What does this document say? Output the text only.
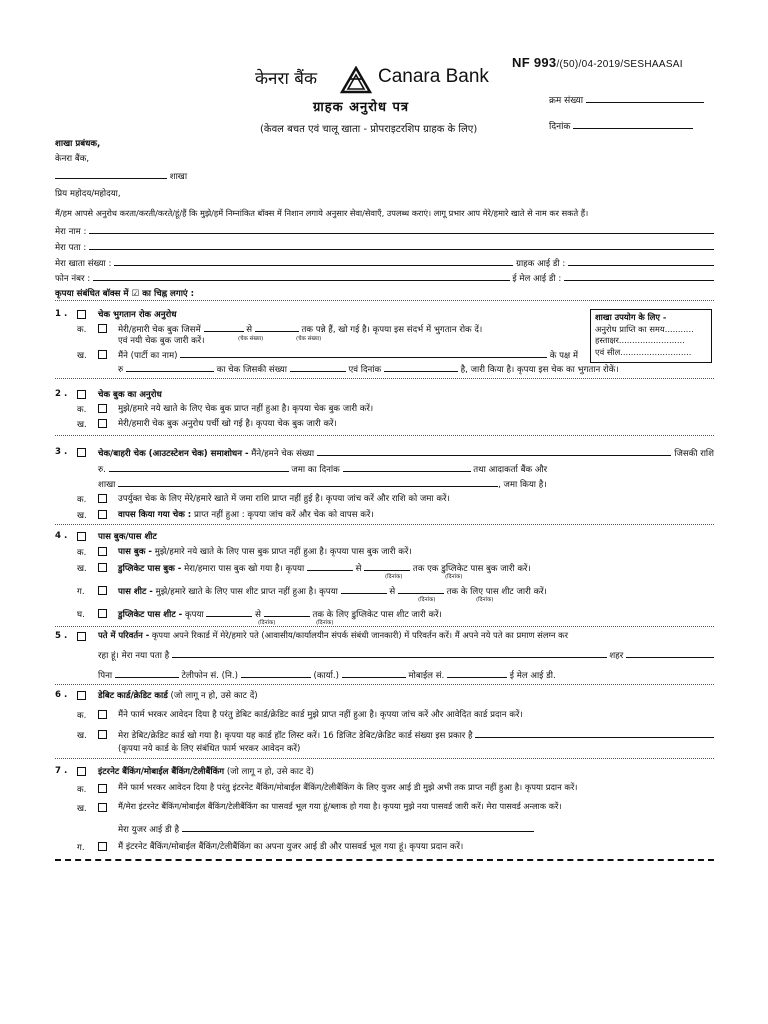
NF 993/(50)/04-2019/SESHAASAI
केनरा बैंक	Canara Bank
ग्राहक अनुरोध पत्र
(केवल बचत एवं चालू खाता - प्रोपराइटरशिप ग्राहक के लिए)
क्रम संख्या
दिनांक
शाखा प्रबंधक,
केनरा बैंक,
शाखा
प्रिय महोदय/महोदया,
मैं/हम आपसे अनुरोध करता/करती/करते/हूं/हैं कि मुझे/हमें निम्नांकित बॉक्स में निशान लगाये अनुसार सेवा/सेवाएँ, उपलब्ध कराएं। लागू प्रभार आप मेरे/हमारे खाते से नाम कर सकते हैं।
मेरा नाम :

मेरा पता :

मेरा खाता संख्या :

	ग्राहक आई डी :

फोन नंबर :

	ई मेल आई डी :

कृपया संबंधित बॉक्स में ☑ का चिह्न लगाएं :
शाखा उपयोग के लिए -
अनुरोध प्राप्ति का समय...........
हस्ताक्षर.........................
एवं सील...........................
1 .	चेक भुगतान रोक अनुरोध
क.	मेरी/हमारी चेक बुक जिसमें	से	तक पन्ने हैं, खो गई है। कृपया इस संदर्भ में भुगतान रोक दें।
(चेक संख्या)	(चेक संख्या)
एवं नयी चेक बुक जारी करें।
ख.	मैंने (पार्टी का नाम)

	के पक्ष में
रु	का चेक जिसकी संख्या	एवं दिनांक	है, जारी किया है। कृपया इस चेक का भुगतान रोकें।
2 .	चेक बुक का अनुरोध
क.	मुझे/हमारे नये खाते के लिए चेक बुक प्राप्त नहीं हुआ है। कृपया चेक बुक जारी करें।
ख.	मेरी/हमारी चेक बुक अनुरोध पर्ची खो गई है। कृपया चेक बुक जारी करें।
3 .	चेक/बाहरी चेक (आउटस्टेशन चेक) समाशोधन -
मैंने/हमने चेक संख्या

	जिसकी राशि
रु.	जमा का दिनांक	तथा आदाकर्ता बैंक और
शाखा	, जमा किया है।
क.	उपर्युक्त चेक के लिए मेरे/हमारे खाते में जमा राशि प्राप्त नहीं हुई है। कृपया जांच करें और राशि को जमा करें।
ख.	वापस किया गया चेक : प्राप्त नहीं हुआ : कृपया जांच करें और चेक को वापस करें।
4 .	पास बुक/पास शीट
क.	पास बुक - मुझे/हमारे नये खाते के लिए पास बुक प्राप्त नहीं हुआ है। कृपया पास बुक जारी करें।
ख.	डुप्लिकेट पास बुक - मेरा/हमारा पास बुक खो गया है। कृपया	से	तक एक डुप्लिकेट पास बुक जारी करें।
(दिनांक)	(दिनांक)
ग.	पास शीट - मुझे/हमारे खाते के लिए पास शीट प्राप्त नहीं हुआ है। कृपया	से	तक के लिए पास शीट जारी करें।
(दिनांक)	(दिनांक)
घ.	डुप्लिकेट पास शीट - कृपया	से	तक के लिए डुप्लिकेट पास शीट जारी करें।
(दिनांक)	(दिनांक)
5 .	पते में परिवर्तन - कृपया अपने रिकार्ड में मेरे/हमारे पते (आवासीय/कार्यालयीन संपर्क संबंधी जानकारी) में परिवर्तन करें। मैं अपने नये पते का प्रमाण संलग्न कर
रहा हूं। मेरा नया पता है

	शहर

पिना	टेलीफोन सं. (नि.)	(कार्या.)	मोबाईल सं.	ई मेल आई डी.
6 .	डेबिट कार्ड/क्रेडिट कार्ड (जो लागू न हो, उसे काट दें)
क.	मैंने फार्म भरकर आवेदन दिया है परंतु डेबिट कार्ड/क्रेडिट कार्ड मुझे प्राप्त नहीं हुआ है। कृपया जांच करें और आवेदित कार्ड प्रदान करें।
ख.	मेरा डेबिट/क्रेडिट कार्ड खो गया है। कृपया यह कार्ड हॉट लिस्ट करें। 16 डिजिट डेबिट/क्रेडिट कार्ड संख्या इस प्रकार है

(कृपया नये कार्ड के लिए संबंधित फार्म भरकर आवेदन करें)
7 .	इंटरनेट बैंकिंग/मोबाईल बैंकिंग/टेलीबैंकिंग (जो लागू न हो, उसे काट दें)
क.	मैंने फार्म भरकर आवेदन दिया है परंतु इंटरनेट बैंकिंग/मोबाईल बैंकिंग/टेलीबैंकिंग के लिए युजर आई डी मुझे अभी तक प्राप्त नहीं हुआ है। कृपया प्रदान करें।
ख.	मैं/मेरा इंटरनेट बैंकिंग/मोबाईल बैंकिंग/टेलीबैंकिंग का पासवर्ड भूल गया हूं/ब्लाक हो गया है। कृपया मुझे नया पासवर्ड जारी करें। मेरा पासवर्ड अन्लाक करें।
मेरा युजर आई डी है
ग.	मैं इंटरनेट बैंकिंग/मोबाईल बैंकिंग/टेलीबैंकिंग का अपना युजर आई डी और पासवर्ड भूल गया हूं। कृपया प्रदान करें।
